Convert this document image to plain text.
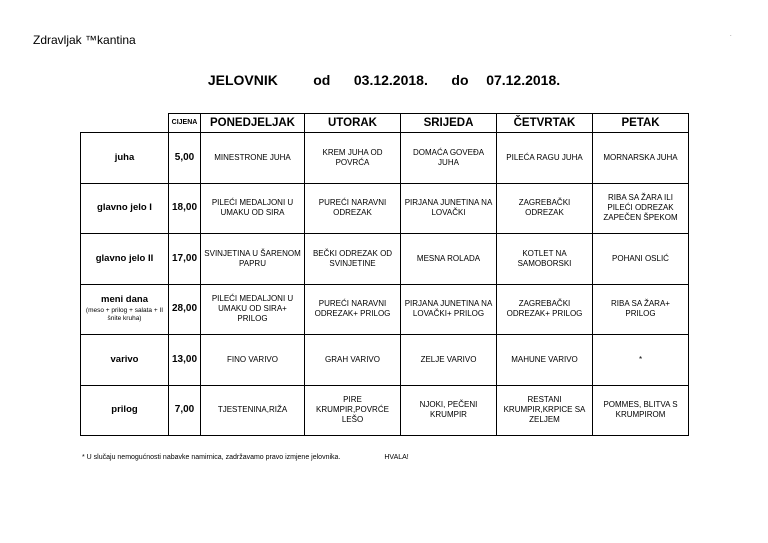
Zdravljak ™kantina	.
JELOVNIK	od 03.12.2018. do 07.12.2018.
	CIJENA	PONEDJELJAK	UTORAK	SRIJEDA	ČETVRTAK	PETAK
juha	5,00	MINESTRONE JUHA	KREM JUHA OD POVRĆA	DOMAĆA GOVEĐA JUHA	PILEĆA RAGU JUHA	MORNARSKA JUHA
glavno jelo I	18,00	PILEĆI MEDALJONI U UMAKU OD SIRA	PUREĆI NARAVNI ODREZAK	PIRJANA JUNETINA NA LOVAČKI	ZAGREBAČKI ODREZAK	RIBA SA ŽARA ILI PILEĆI ODREZAK ZAPEČEN ŠPEKOM
glavno jelo II	17,00	SVINJETINA U ŠARENOM PAPRU	BEČKI ODREZAK OD SVINJETINE	MESNA ROLADA	KOTLET NA SAMOBORSKI	POHANI OSLIĆ
meni dana
(meso + prilog + salata + II šnite kruha)	28,00	PILEĆI MEDALJONI U UMAKU OD SIRA+ PRILOG	PUREĆI NARAVNI ODREZAK+ PRILOG	PIRJANA JUNETINA NA LOVAČKI+ PRILOG	ZAGREBAČKI ODREZAK+ PRILOG	RIBA SA ŽARA+ PRILOG
varivo	13,00	FINO VARIVO	GRAH VARIVO	ZELJE VARIVO	MAHUNE VARIVO	*
prilog	7,00	TJESTENINA,RIŽA	PIRE KRUMPIR,POVRĆE LEŠO	NJOKI, PEČENI KRUMPIR	RESTANI KRUMPIR,KRPICE SA ZELJEM	POMMES, BLITVA S KRUMPIROM
* U slučaju nemogućnosti nabavke namirnica, zadržavamo pravo izmjene jelovnika.	HVALA!
